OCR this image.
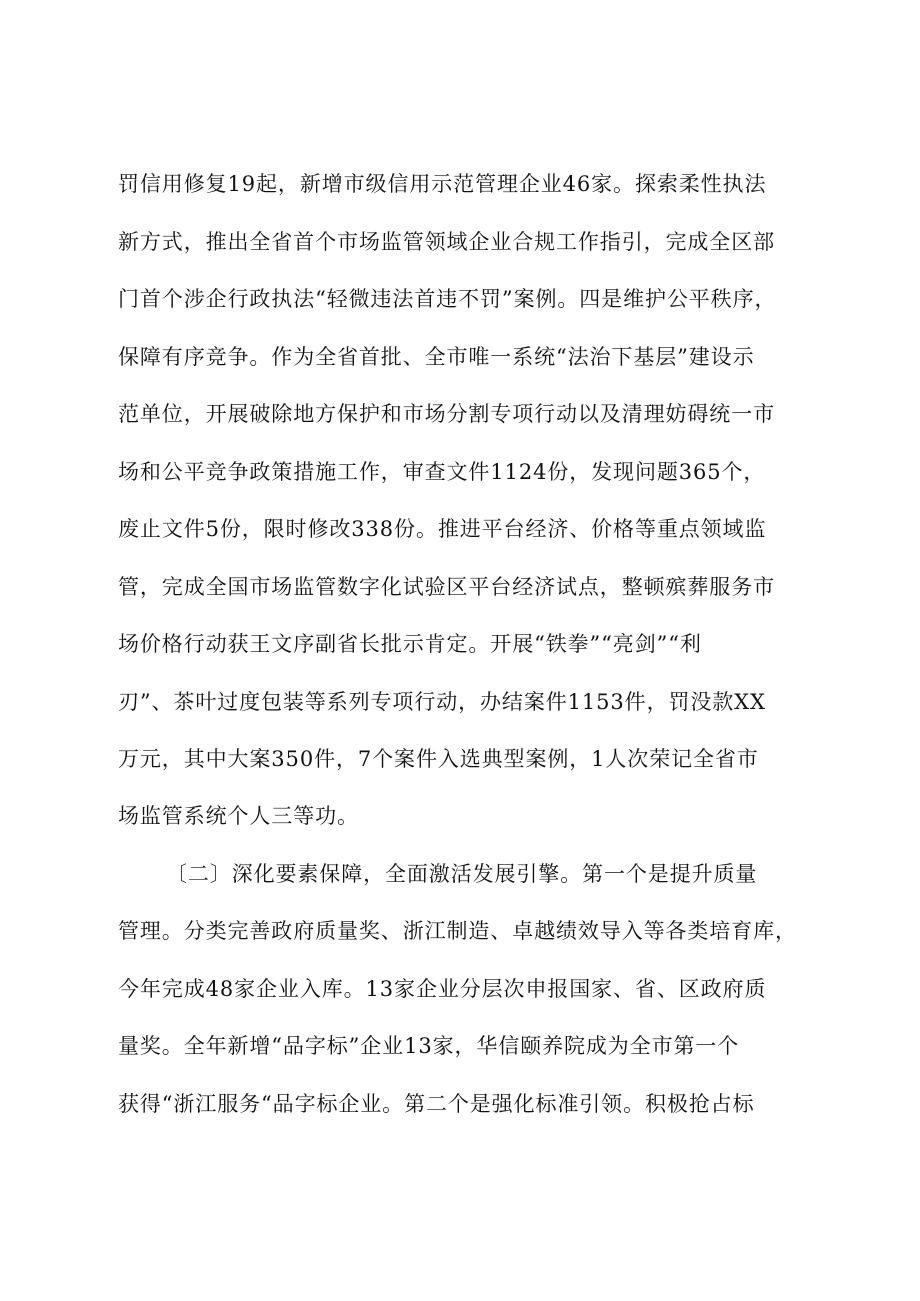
罚信用修复19起，新增市级信用示范管理企业46家。探索柔性执法
新方式，推出全省首个市场监管领域企业合规工作指引，完成全区部
门首个涉企行政执法“轻微违法首违不罚”案例。四是维护公平秩序，
保障有序竞争。作为全省首批、全市唯一系统“法治下基层”建设示
范单位，开展破除地方保护和市场分割专项行动以及清理妨碍统一市
场和公平竞争政策措施工作，审查文件1124份，发现问题365个，
废止文件5份，限时修改338份。推进平台经济、价格等重点领域监
管，完成全国市场监管数字化试验区平台经济试点，整顿殡葬服务市
场价格行动获王文序副省长批示肯定。开展“铁拳”“亮剑”“利
刃”、茶叶过度包装等系列专项行动，办结案件1153件，罚没款XX
万元，其中大案350件，7个案件入选典型案例，1人次荣记全省市
场监管系统个人三等功。
〔二〕深化要素保障，全面激活发展引擎。第一个是提升质量
管理。分类完善政府质量奖、浙江制造、卓越绩效导入等各类培育库，
今年完成48家企业入库。13家企业分层次申报国家、省、区政府质
量奖。全年新增“品字标”企业13家，华信颐养院成为全市第一个
获得“浙江服务“品字标企业。第二个是强化标准引领。积极抢占标
